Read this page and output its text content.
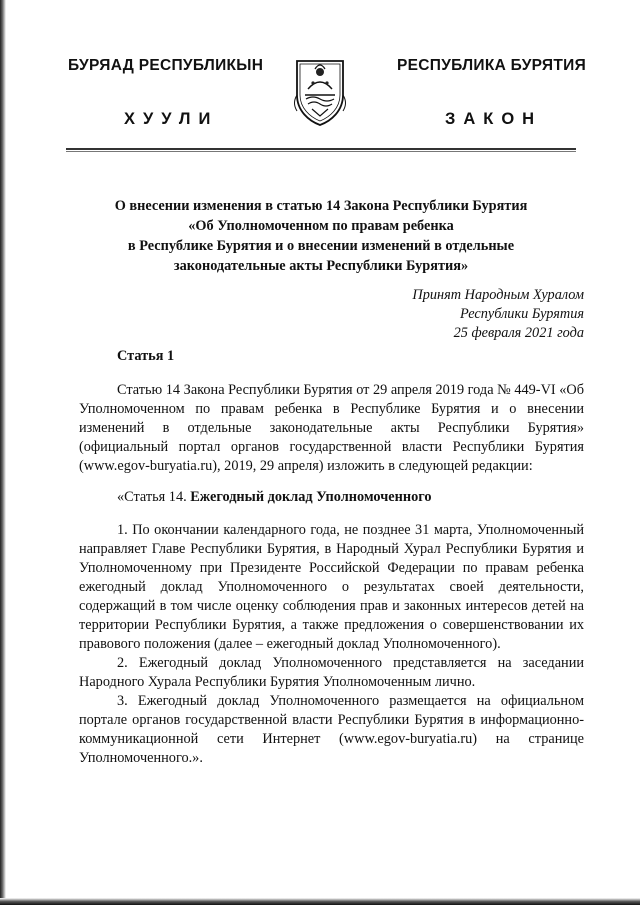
БУРЯАД РЕСПУБЛИКЫН
ХУУЛИ
РЕСПУБЛИКА БУРЯТИЯ
ЗАКОН
О внесении изменения в статью 14 Закона Республики Бурятия
«Об Уполномоченном по правам ребенка
в Республике Бурятия и о внесении изменений в отдельные
законодательные акты Республики Бурятия»
Принят Народным Хуралом
Республики Бурятия
25 февраля 2021 года
Статья 1

Статью 14 Закона Республики Бурятия от 29 апреля 2019 года № 449-VI «Об Уполномоченном по правам ребенка в Республике Бурятия и о внесении изменений в отдельные законодательные акты Республики Бурятия» (официальный портал органов государственной власти Республики Бурятия (www.egov-buryatia.ru), 2019, 29 апреля) изложить в следующей редакции:

«Статья 14. Ежегодный доклад Уполномоченного

1. По окончании календарного года, не позднее 31 марта, Уполномоченный направляет Главе Республики Бурятия, в Народный Хурал Республики Бурятия и Уполномоченному при Президенте Российской Федерации по правам ребенка ежегодный доклад Уполномоченного о результатах своей деятельности, содержащий в том числе оценку соблюдения прав и законных интересов детей на территории Республики Бурятия, а также предложения о совершенствовании их правового положения (далее – ежегодный доклад Уполномоченного).

2. Ежегодный доклад Уполномоченного представляется на заседании Народного Хурала Республики Бурятия Уполномоченным лично.

3. Ежегодный доклад Уполномоченного размещается на официальном портале органов государственной власти Республики Бурятия в информационно-коммуникационной сети Интернет (www.egov-buryatia.ru) на странице Уполномоченного.».
